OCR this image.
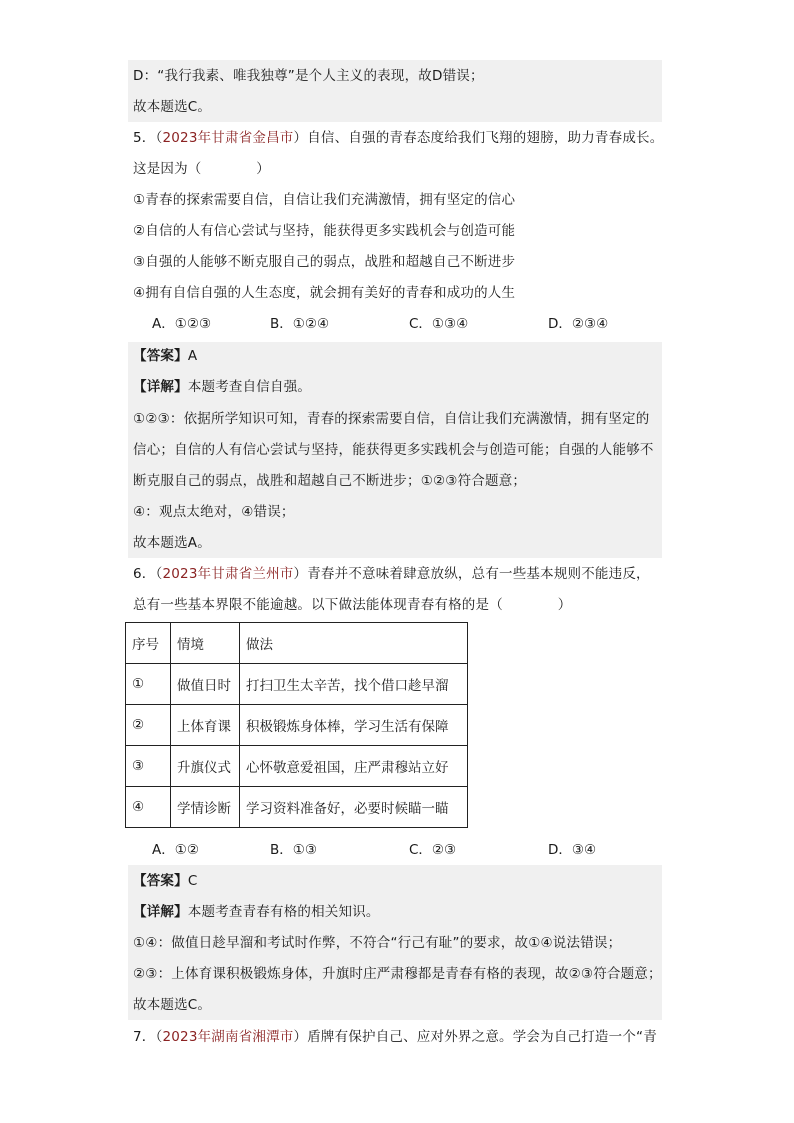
D：“我行我素、唯我独尊”是个人主义的表现，故D错误；
故本题选C。
5．（2023年甘肃省金昌市）自信、自强的青春态度给我们飞翔的翅膀，助力青春成长。
这是因为（　　　　）
①青春的探索需要自信，自信让我们充满激情，拥有坚定的信心
②自信的人有信心尝试与坚持，能获得更多实践机会与创造可能
③自强的人能够不断克服自己的弱点，战胜和超越自己不断进步
④拥有自信自强的人生态度，就会拥有美好的青春和成功的人生
A．①②③	B．①②④	C．①③④	D．②③④
【答案】A
【详解】本题考查自信自强。
①②③：依据所学知识可知，青春的探索需要自信，自信让我们充满激情，拥有坚定的
信心；自信的人有信心尝试与坚持，能获得更多实践机会与创造可能；自强的人能够不
断克服自己的弱点，战胜和超越自己不断进步；①②③符合题意；
④：观点太绝对，④错误；
故本题选A。
6．（2023年甘肃省兰州市）青春并不意味着肆意放纵，总有一些基本规则不能违反，
总有一些基本界限不能逾越。以下做法能体现青春有格的是（　　　　）
序号	情境	做法
①	做值日时	打扫卫生太辛苦，找个借口趁早溜
②	上体育课	积极锻炼身体棒，学习生活有保障
③	升旗仪式	心怀敬意爱祖国，庄严肃穆站立好
④	学情诊断	学习资料准备好，必要时候瞄一瞄
A．①②	B．①③	C．②③	D．③④
【答案】C
【详解】本题考查青春有格的相关知识。
①④：做值日趁早溜和考试时作弊，不符合“行己有耻”的要求，故①④说法错误；
②③：上体育课积极锻炼身体，升旗时庄严肃穆都是青春有格的表现，故②③符合题意；
故本题选C。
7．（2023年湖南省湘潭市）盾牌有保护自己、应对外界之意。学会为自己打造一个“青
